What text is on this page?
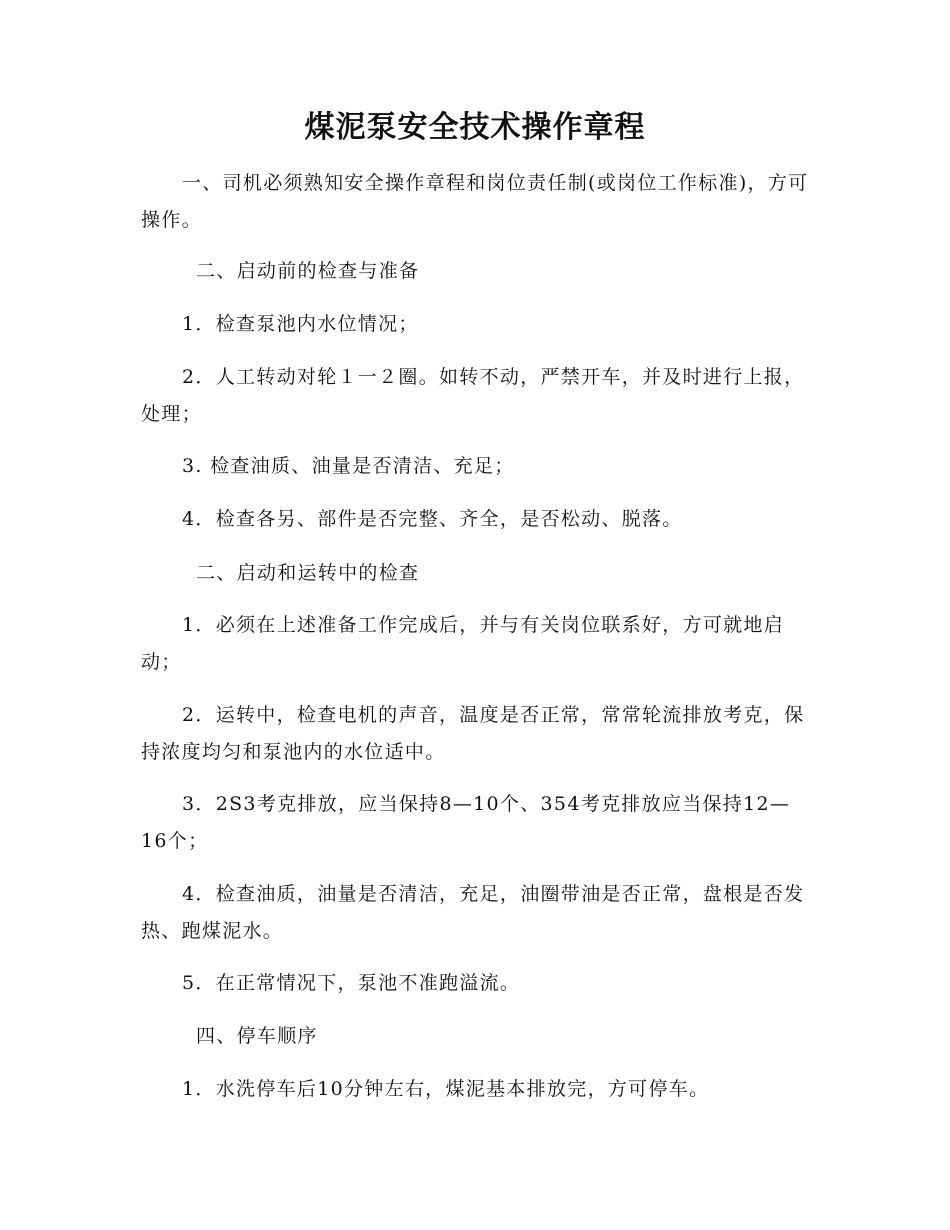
煤泥泵安全技术操作章程
一、司机必须熟知安全操作章程和岗位责任制(或岗位工作标准)，方可操作。
二、启动前的检查与准备
1．检查泵池内水位情况；
2．人工转动对轮１一２圈。如转不动，严禁开车，并及时进行上报，处理；
3. 检查油质、油量是否清洁、充足；
4．检查各另、部件是否完整、齐全，是否松动、脱落。
二、启动和运转中的检查
1．必须在上述准备工作完成后，并与有关岗位联系好，方可就地启动；
2．运转中，检查电机的声音，温度是否正常，常常轮流排放考克，保持浓度均匀和泵池内的水位适中。
3．2S3考克排放，应当保持8—10个、354考克排放应当保持12—16个；
4．检查油质，油量是否清洁，充足，油圈带油是否正常，盘根是否发热、跑煤泥水。
5．在正常情况下，泵池不准跑溢流。
四、停车顺序
1．水洗停车后10分钟左右，煤泥基本排放完，方可停车。
